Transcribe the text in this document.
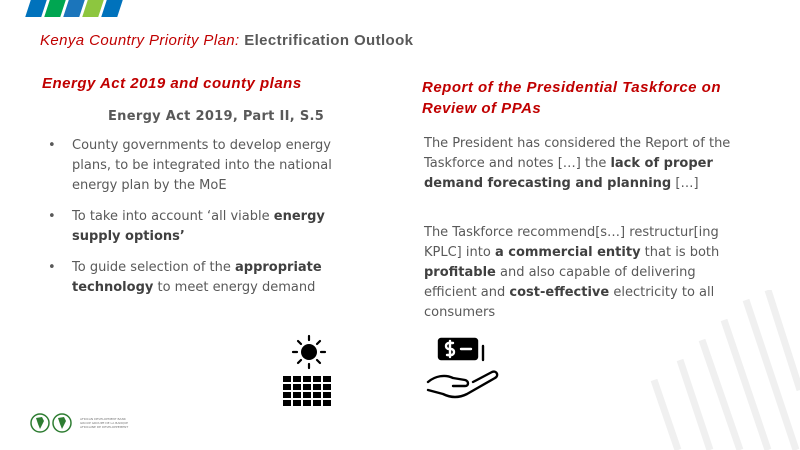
Kenya Country Priority Plan: Electrification Outlook
Energy Act 2019 and county plans
Energy Act 2019, Part II, S.5
• County governments to develop energy plans, to be integrated into the national energy plan by the MoE
• To take into account ‘all viable energy supply options’
• To guide selection of the appropriate technology to meet energy demand
Report of the Presidential Taskforce on
Review of PPAs
The President has considered the Report of the Taskforce and notes […] the lack of proper demand forecasting and planning […]
The Taskforce recommend[s…] restructur[ing KPLC] into a commercial entity that is both profitable and also capable of delivering efficient and cost-effective electricity to all consumers
AFRICAN DEVELOPMENT BANK GROUP GROUPE DE LA BANQUE AFRICAINE DE DEVELOPPEMENT
